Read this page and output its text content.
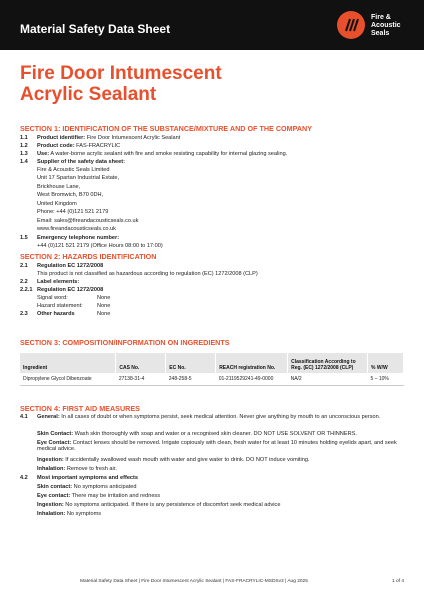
Material Safety Data Sheet
Fire &
Acoustic
Seals
Fire Door Intumescent
Acrylic Sealant
SECTION 1: IDENTIFICATION OF THE SUBSTANCE/MIXTURE AND OF THE COMPANY
1.1 Product identifier: Fire Door Intumescent Acrylic Sealant
1.2 Product code: FAS-FRACRYLIC
1.3 Use: A water-borne acrylic sealant with fire and smoke resisting capability for internal glazing sealing.
1.4 Supplier of the safety data sheet:
Fire & Acoustic Seals Limited
Unit 17 Spartan Industrial Estate,
Brickhouse Lane,
West Bromwich, B70 0DH,
United Kingdom
Phone: +44 (0)121 521 2179
Email: sales@fireandacousticseals.co.uk
www.fireandacousticseals.co.uk
1.5 Emergency telephone number:
+44 (0)121 521 2179 (Office Hours 08:00 to 17:00)
SECTION 2: HAZARDS IDENTIFICATION
2.1 Regulation EC 1272/2008
This product is not classified as hazardous according to regulation (EC) 1272/2008 (CLP)
2.2 Label elements:
2.2.1 Regulation EC 1272/2008
Signal word:	None
Hazard statement:	None
2.3 Other hazards	None
SECTION 3: COMPOSITION/INFORMATION ON INGREDIENTS
Ingredient	CAS No.	EC No.	REACH registration No.	Classification According to Reg. (EC) 1272/2008 (CLP)	% W/W
Dipropylene Glycol Dibenzoate	27138-31-4	248-258-5	01-2119529241-49-0000	NA/2	5 – 10%
SECTION 4: FIRST AID MEASURES
4.1 General: In all cases of doubt or when symptoms persist, seek medical attention. Never give anything by mouth to an unconscious person.
Skin Contact: Wash skin thoroughly with soap and water or a recognised skin cleaner. DO NOT USE SOLVENT OR THINNERS.
Eye Contact: Contact lenses should be removed. Irrigate copiously with clean, fresh water for at least 10 minutes holding eyelids apart, and seek medical advice.
Ingestion: If accidentally swallowed wash mouth with water and give water to drink. DO NOT induce vomiting.
Inhalation: Remove to fresh air.
4.2 Most important symptoms and effects
Skin contact: No symptoms anticipated
Eye contact: There may be irritation and redness
Ingestion: No symptoms anticipated. If there is any persistence of discomfort seek medical advice
Inhalation: No symptoms
Material Safety Data Sheet | Fire Door Intumescent Acrylic Sealant | FAS-FRACRYLIC-MSDSv3 | Aug 2025	1 of 4
